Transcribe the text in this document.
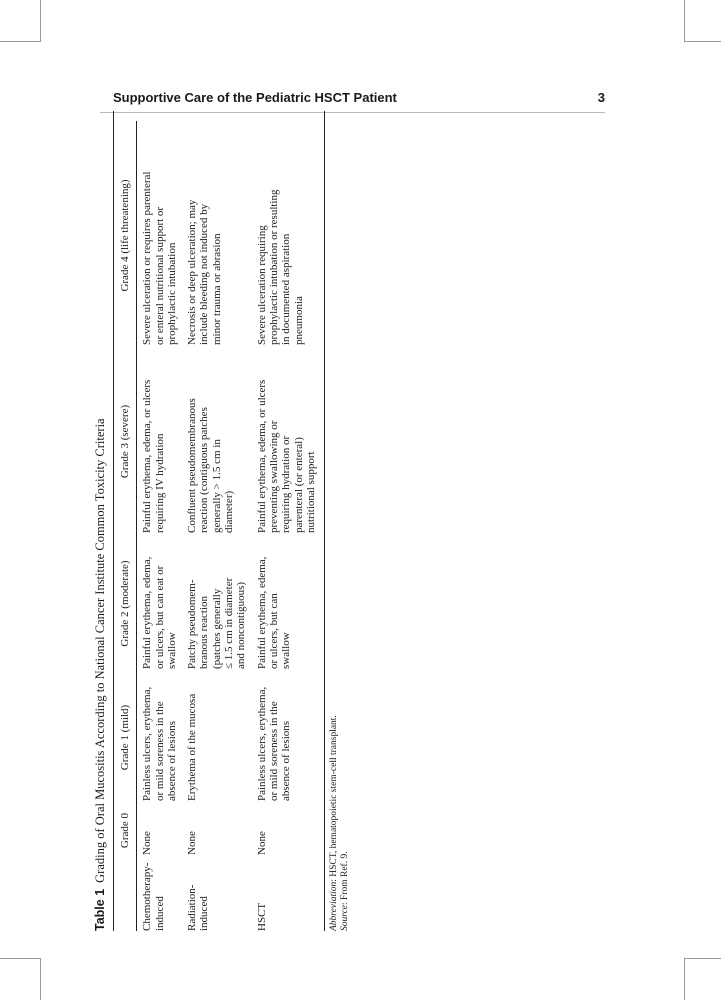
Supportive Care of the Pediatric HSCT Patient	3
Table 1Grading of Oral Mucositis According to National Cancer Institute Common Toxicity Criteria
	Grade 0	Grade 1 (mild)	Grade 2 (moderate)	Grade 3 (severe)	Grade 4 (life threatening)

Chemotherapy-
induced	None	Painless ulcers, erythema,
or mild soreness in the
absence of lesions	Painful erythema, edema,
or ulcers, but can eat or
swallow	Painful erythema, edema, or ulcers
requiring IV hydration	Severe ulceration or requires parenteral
or enteral nutritional support or
prophylactic intubation
Radiation-
induced	None	Erythema of the mucosa	Patchy pseudomem-
branous reaction
(patches generally
≤ 1.5 cm in diameter
and noncontiguous)	Confluent pseudomembranous
reaction (contiguous patches
generally > 1.5 cm in
diameter)	Necrosis or deep ulceration; may
include bleeding not induced by
minor trauma or abrasion
HSCT	None	Painless ulcers, erythema,
or mild soreness in the
absence of lesions	Painful erythema, edema,
or ulcers, but can
swallow	Painful erythema, edema, or ulcers
preventing swallowing or
requiring hydration or
parenteral (or enteral)
nutritional support	Severe ulceration requiring
prophylactic intubation or resulting
in documented aspiration
pneumonia
Abbreviation: HSCT, hematopoietic stem-cell transplant.
Source: From Ref. 9.
